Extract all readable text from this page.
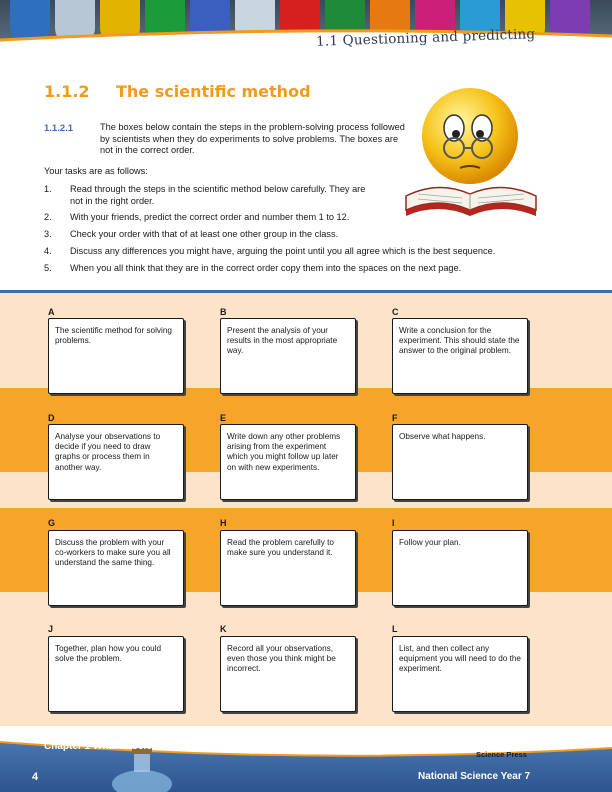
1.1 Questioning and predicting
1.1.2 The scientific method
1.1.2.1	The boxes below contain the steps in the problem-solving process followed by scientists when they do experiments to solve problems. The boxes are not in the correct order.
Your tasks are as follows:
1. Read through the steps in the scientific method below carefully. They are
not in the right order.
2. With your friends, predict the correct order and number them 1 to 12.
3. Check your order with that of at least one other group in the class.
4. Discuss any differences you might have, arguing the point until you all agree which is the best sequence.
5. When you all think that they are in the correct order copy them into the spaces on the next page.
A
The scientific method for solving problems.
B
Present the analysis of your results in the most appropriate way.
C
Write a conclusion for the experiment. This should state the answer to the original problem.
D
Analyse your observations to decide if you need to draw graphs or process them in another way.
E
Write down any other problems arising from the experiment which you might follow up later on with new experiments.
F
Observe what happens.
G
Discuss the problem with your co-workers to make sure you all understand the same thing.
H
Read the problem carefully to make sure you understand it.
I
Follow your plan.
J
Together, plan how you could solve the problem.
K
Record all your observations, even those you think might be incorrect.
L
List, and then collect any equipment you will need to do the experiment.
Chapter 1 What is Science?
Science Press
4	National Science Year 7
